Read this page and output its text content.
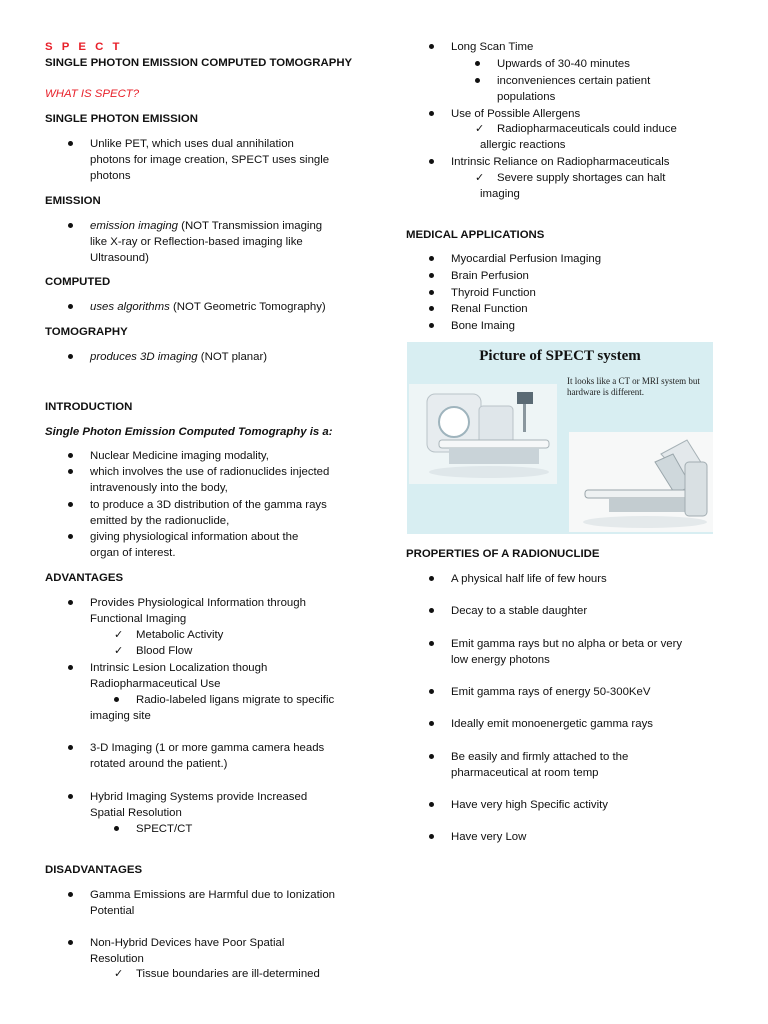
S P E C T
SINGLE PHOTON EMISSION COMPUTED TOMOGRAPHY
WHAT IS SPECT?
SINGLE PHOTON EMISSION
Unlike PET, which uses dual annihilation
photons for image creation, SPECT uses single
photons
EMISSION
emission imaging (NOT Transmission imaging
like X-ray or Reflection-based imaging like
Ultrasound)
COMPUTED
uses algorithms (NOT Geometric Tomography)
TOMOGRAPHY
produces 3D imaging (NOT planar)
INTRODUCTION
Single Photon Emission Computed Tomography is a:
Nuclear Medicine imaging modality,
which involves the use of radionuclides injected
intravenously into the body,
to produce a 3D distribution of the gamma rays
emitted by the radionuclide,
giving physiological information about the
organ of interest.
ADVANTAGES
Provides Physiological Information through
Functional Imaging
✓ Metabolic Activity
✓ Blood Flow
Intrinsic Lesion Localization though
Radiopharmaceutical Use
Radio-labeled ligans migrate to specific
imaging site
3-D Imaging (1 or more gamma camera heads
rotated around the patient.)
Hybrid Imaging Systems provide Increased
Spatial Resolution
SPECT/CT
DISADVANTAGES
Gamma Emissions are Harmful due to Ionization
Potential
Non-Hybrid Devices have Poor Spatial
Resolution
✓ Tissue boundaries are ill-determined
Long Scan Time
Upwards of 30-40 minutes
inconveniences certain patient
populations
Use of Possible Allergens
✓ Radiopharmaceuticals could induce
allergic reactions
Intrinsic Reliance on Radiopharmaceuticals
✓ Severe supply shortages can halt
imaging
MEDICAL APPLICATIONS
Myocardial Perfusion Imaging
Brain Perfusion
Thyroid Function
Renal Function
Bone Imaing
PROPERTIES OF A RADIONUCLIDE
A physical half life of few hours
Decay to a stable daughter
Emit gamma rays but no alpha or beta or very
low energy photons
Emit gamma rays of energy 50-300KeV
Ideally emit monoenergetic gamma rays
Be easily and firmly attached to the
pharmaceutical at room temp
Have very high Specific activity
Have very Low
Picture of SPECT system
It looks like a CT or MRI system but hardware is different.
